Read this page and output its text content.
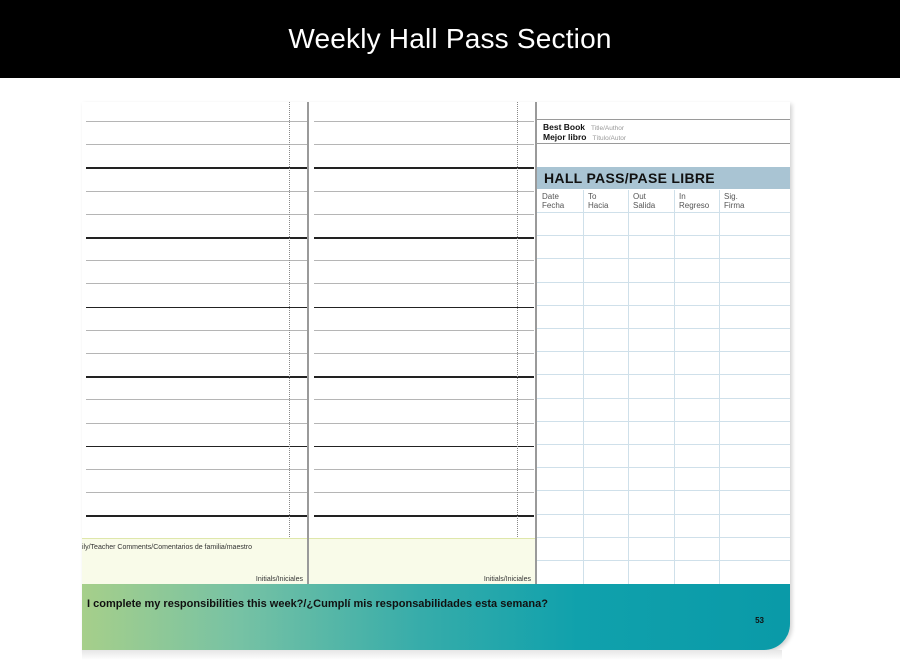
Weekly Hall Pass Section
ily/Teacher Comments/Comentarios de familia/maestro
Initials/Iniciales	Initials/Iniciales
Best Book Title/Author
Mejor libro Título/Autor
HALL PASS/PASE LIBRE
Date
Fecha
To
Hacia
Out
Salida
In
Regreso
Sig.
Firma
I complete my responsibilities this week?/¿Cumplí mis responsabilidades esta semana?
53
